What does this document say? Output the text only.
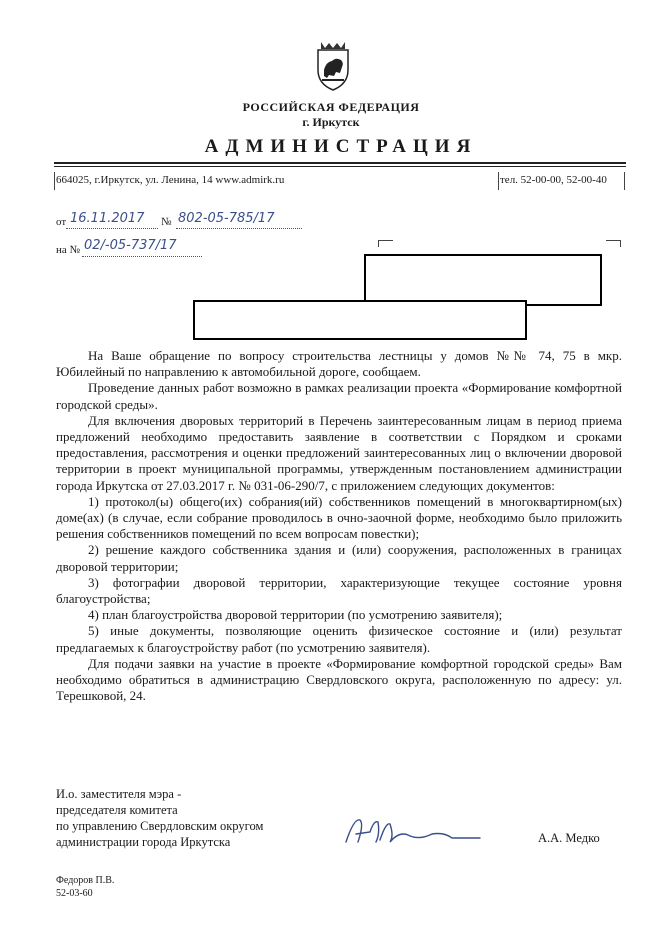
РОССИЙСКАЯ ФЕДЕРАЦИЯ
г. Иркутск
АДМИНИСТРАЦИЯ
664025, г.Иркутск, ул. Ленина, 14 www.admirk.ru	тел. 52-00-00, 52-00-40
от 16.11.2017 № 802-05-785/17
на № 02/-05-737/17

На Ваше обращение по вопросу строительства лестницы у домов №№ 74, 75 в мкр. Юбилейный по направлению к автомобильной дороге, сообщаем.

Проведение данных работ возможно в рамках реализации проекта «Формирование комфортной городской среды».

Для включения дворовых территорий в Перечень заинтересованным лицам в период приема предложений необходимо предоставить заявление в соответствии с Порядком и сроками предоставления, рассмотрения и оценки предложений заинтересованных лиц о включении дворовой территории в проект муниципальной программы, утвержденным постановлением администрации города Иркутска от 27.03.2017 г. № 031-06-290/7, с приложением следующих документов:

1) протокол(ы) общего(их) собрания(ий) собственников помещений в многоквартирном(ых) доме(ах) (в случае, если собрание проводилось в очно-заочной форме, необходимо было приложить решения собственников помещений по всем вопросам повестки);

2) решение каждого собственника здания и (или) сооружения, расположенных в границах дворовой территории;

3) фотографии дворовой территории, характеризующие текущее состояние уровня благоустройства;

4) план благоустройства дворовой территории (по усмотрению заявителя);

5) иные документы, позволяющие оценить физическое состояние и (или) результат предлагаемых к благоустройству работ (по усмотрению заявителя).

Для подачи заявки на участие в проекте «Формирование комфортной городской среды» Вам необходимо обратиться в администрацию Свердловского округа, расположенную по адресу: ул. Терешковой, 24.

И.о. заместителя мэра -
председателя комитета
по управлению Свердловским округом
администрации города Иркутска	А.А. Медко
Федоров П.В.
52-03-60
